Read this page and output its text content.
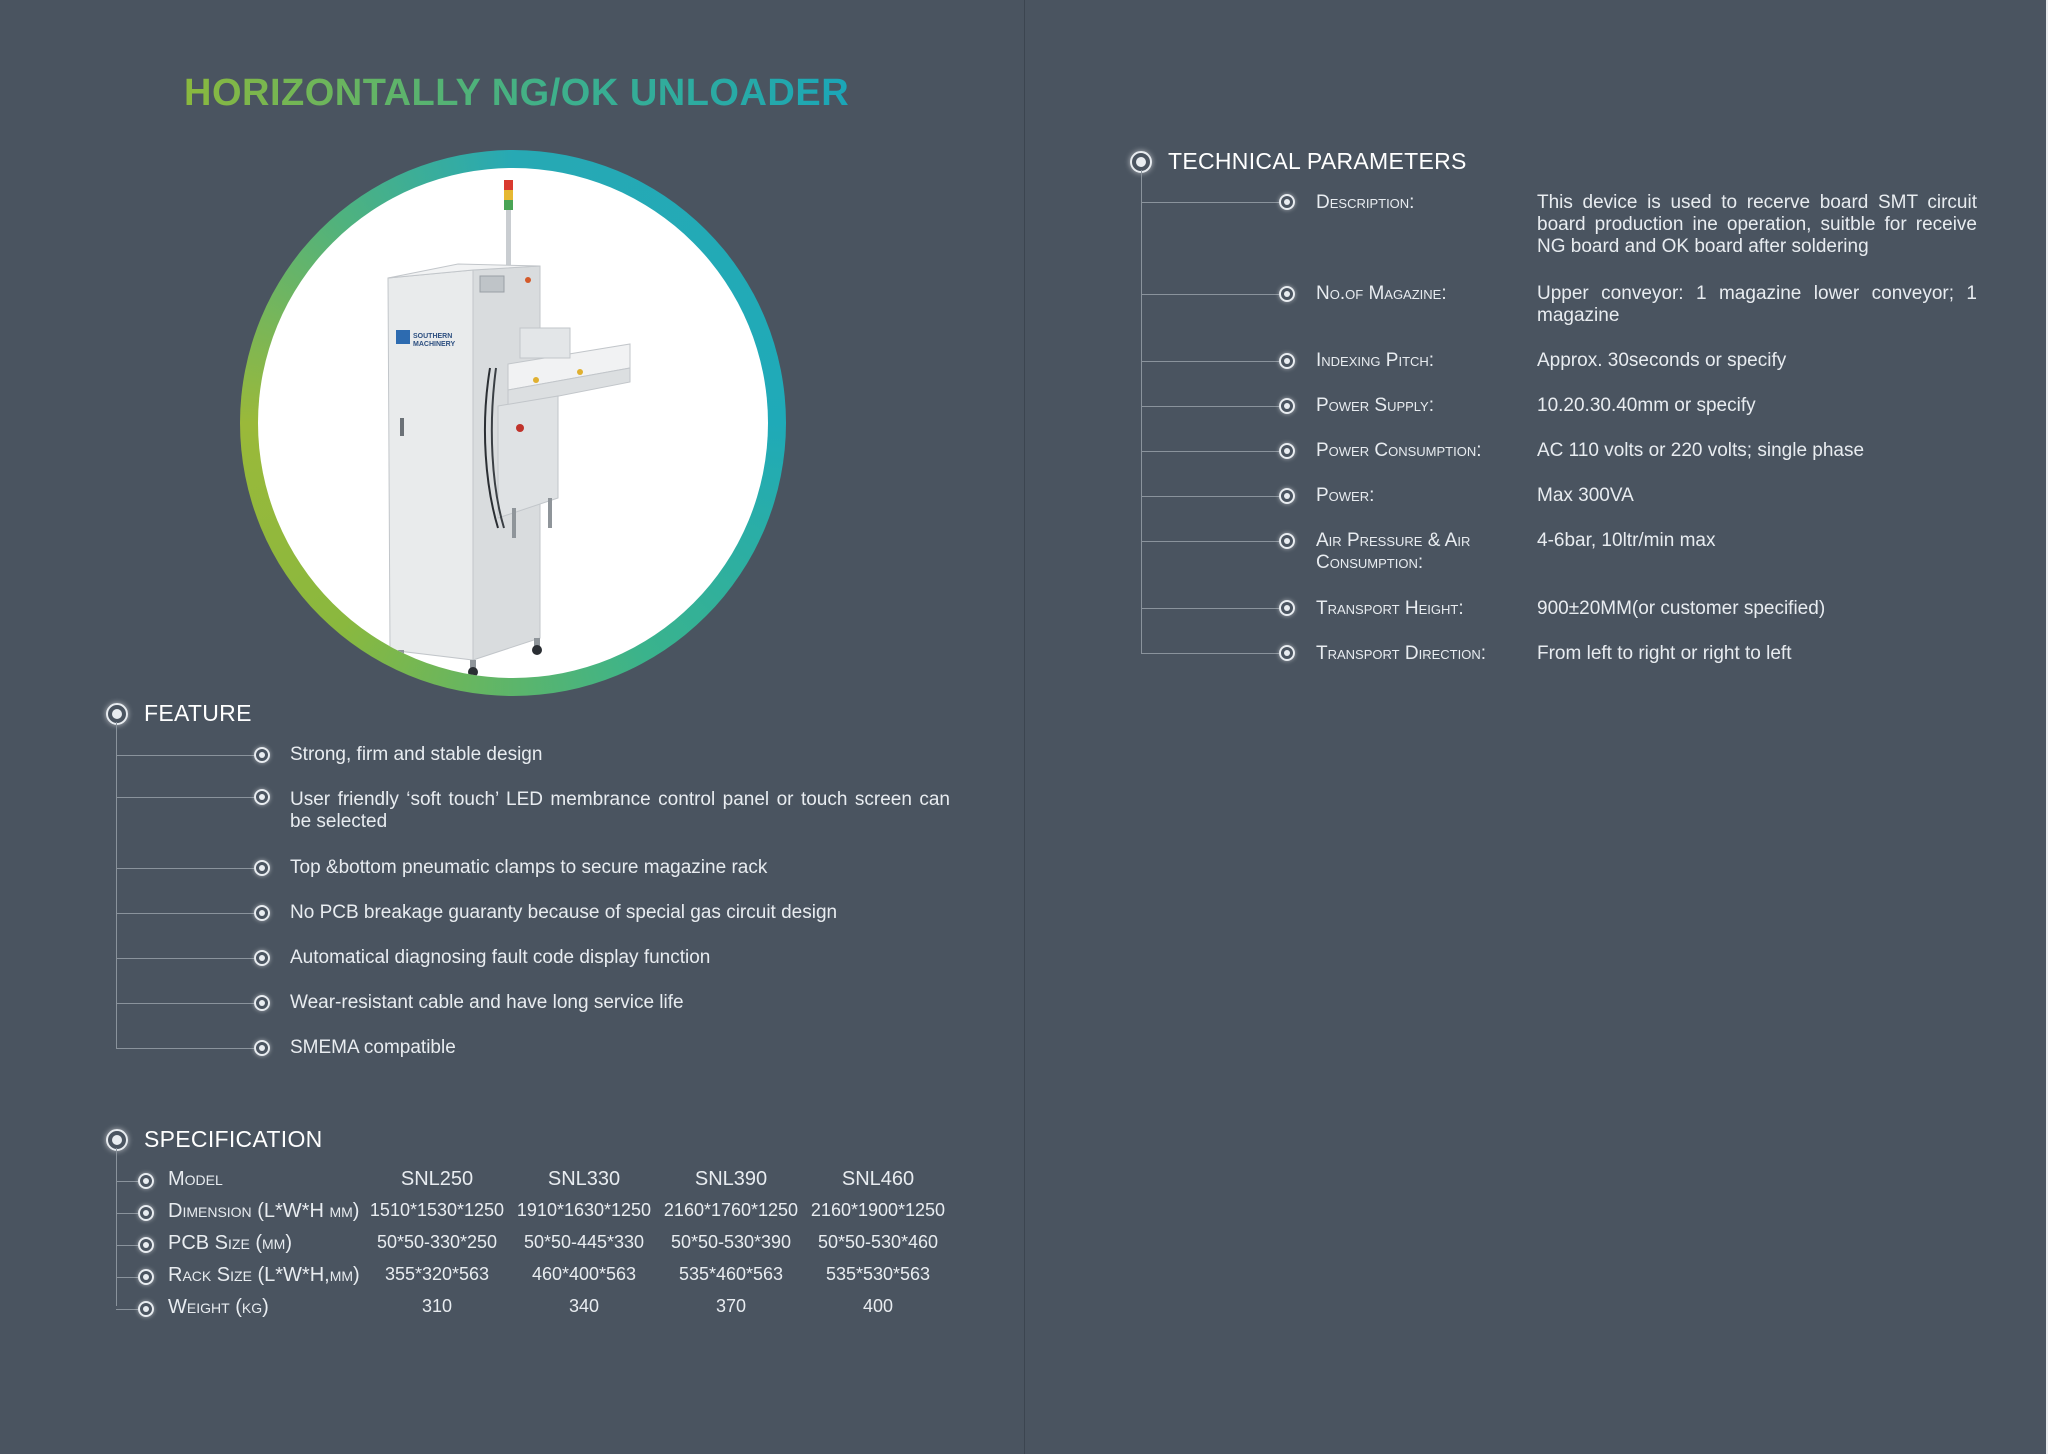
HORIZONTALLY NG/OK UNLOADER
SOUTHERN
MACHINERY
FEATURE
Strong, firm and stable design
User friendly ‘soft touch’ LED membrance control panel or touch screen can be selected
Top &bottom pneumatic clamps to secure magazine rack
No PCB breakage guaranty because of special gas circuit design
Automatical diagnosing fault code display function
Wear-resistant cable and have long service life
SMEMA compatible
SPECIFICATION
Model	SNL250	SNL330	SNL390	SNL460
Dimension (L*W*H mm) 1510*1530*1250 1910*1630*1250 2160*1760*1250 2160*1900*1250
PCB Size (mm)	50*50-330*250	50*50-445*330	50*50-530*390	50*50-530*460
Rack Size (L*W*H,mm)	355*320*563	460*400*563	535*460*563	535*530*563
Weight (kg)	310	340	370	400
TECHNICAL PARAMETERS
Description:	This device is used to recerve board SMT circuit board production ine operation, suitble for receive NG board and OK board after soldering
No.of Magazine:	Upper conveyor: 1 magazine lower conveyor; 1 magazine
Indexing Pitch:	Approx. 30seconds or specify
Power Supply:	10.20.30.40mm or specify
Power Consumption:	AC 110 volts or 220 volts; single phase
Power:	Max 300VA
Air Pressure & Air Consumption:
4-6bar, 10ltr/min max
Transport Height:	900±20MM(or customer specified)
Transport Direction:	From left to right or right to left
